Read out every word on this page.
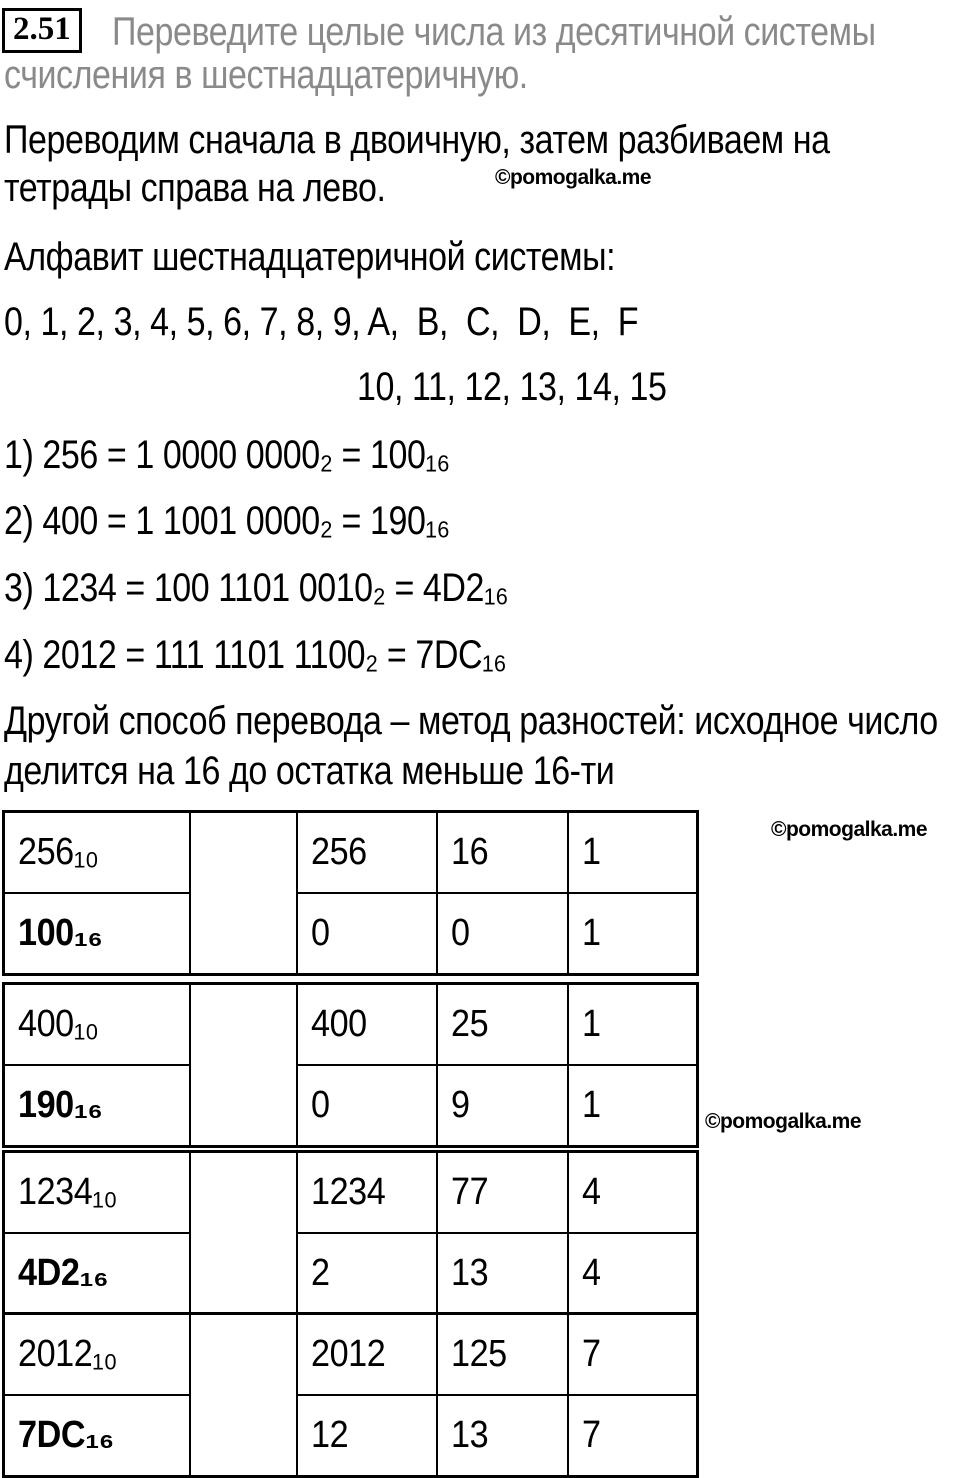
2.51 Переведите целые числа из десятичной системы
счисления в шестнадцатеричную.
Переводим сначала в двоичную, затем разбиваем на
тетрады справа на лево.	©pomogalka.me
Алфавит шестнадцатеричной системы:
0, 1, 2, 3, 4, 5, 6, 7, 8, 9, A,  B,  C,  D,  E,  F
10, 11, 12, 13, 14, 15
1) 256 = 1 0000 0000₂ = 100₁₆
2) 400 = 1 1001 0000₂ = 190₁₆
3) 1234 = 100 1101 0010₂ = 4D2₁₆
4) 2012 = 111 1101 1100₂ = 7DC₁₆
Другой способ перевода – метод разностей: исходное число
делится на 16 до остатка меньше 16-ти
©pomogalka.me
©pomogalka.me
256₁₀		256	16	1
100₁₆		0	0	1
400₁₀		400	25	1
190₁₆		0	9	1
1234₁₀		1234	77	4
4D2₁₆		2	13	4
2012₁₀		2012	125	7
7DC₁₆		12	13	7
